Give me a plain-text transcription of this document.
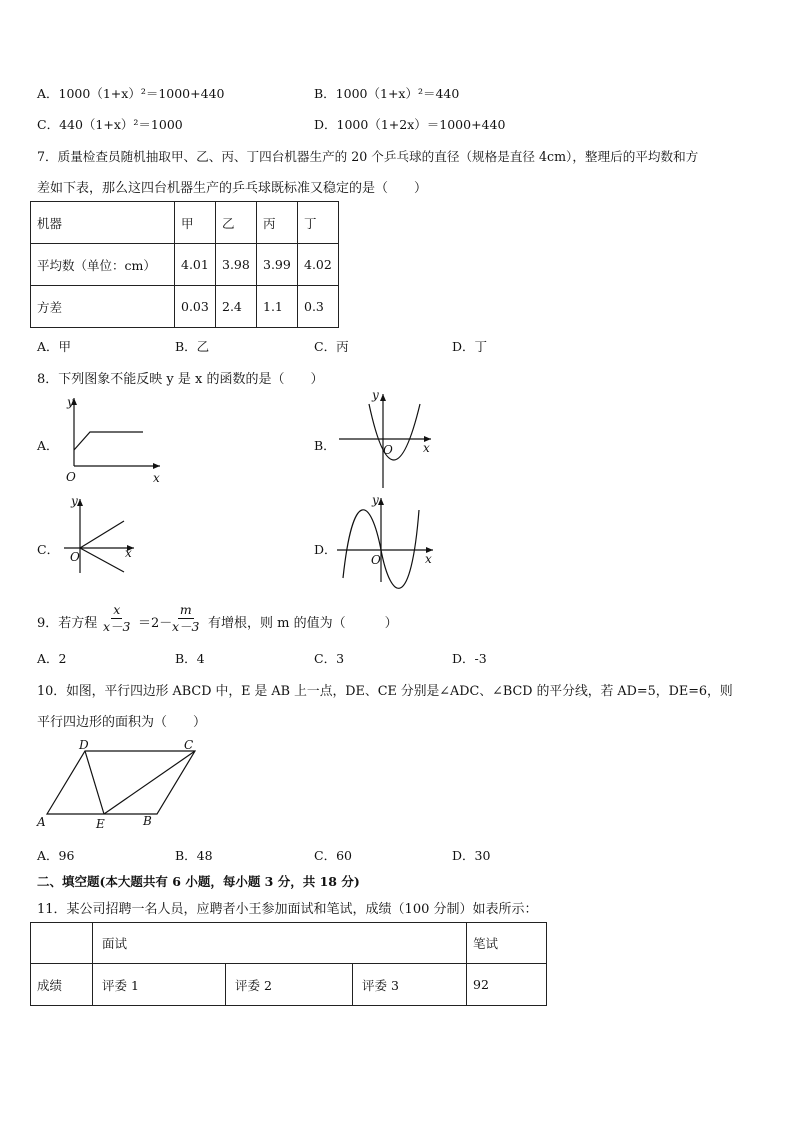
A．1000（1+x）²＝1000+440	B．1000（1+x）²＝440
C．440（1+x）²＝1000	D．1000（1+2x）＝1000+440
7．质量检查员随机抽取甲、乙、丙、丁四台机器生产的 20 个乒乓球的直径（规格是直径 4cm），整理后的平均数和方
差如下表，那么这四台机器生产的乒乓球既标准又稳定的是（　　）
机器	甲	乙	丙	丁
平均数（单位：cm）	4.01	3.98	3.99	4.02
方差	0.03	2.4	1.1	0.3
A．甲	B．乙	C．丙	D．丁
8．下列图象不能反映 y 是 x 的函数的是（　　）
A．
O	x
y
B．	O	x
y
C． O	x
y
D．
O	x
y
9．若方程 $\frac{x}{x-3} =2- \frac{m}{x-3}$ 有增根，则 m 的值为（　　　）
A．2	B．4	C．3	D．-3
10．如图，平行四边形 ABCD 中，E 是 AB 上一点，DE、CE 分别是∠ADC、∠BCD 的平分线，若 AD=5，DE=6，则
平行四边形的面积为（　　）
A
D	C
B
E
A．96	B．48	C．60	D．30
二、填空题(本大题共有 6 小题，每小题 3 分，共 18 分)
11．某公司招聘一名人员，应聘者小王参加面试和笔试，成绩（100 分制）如表所示：
	面试			笔试
成绩	评委 1	评委 2	评委 3	92
